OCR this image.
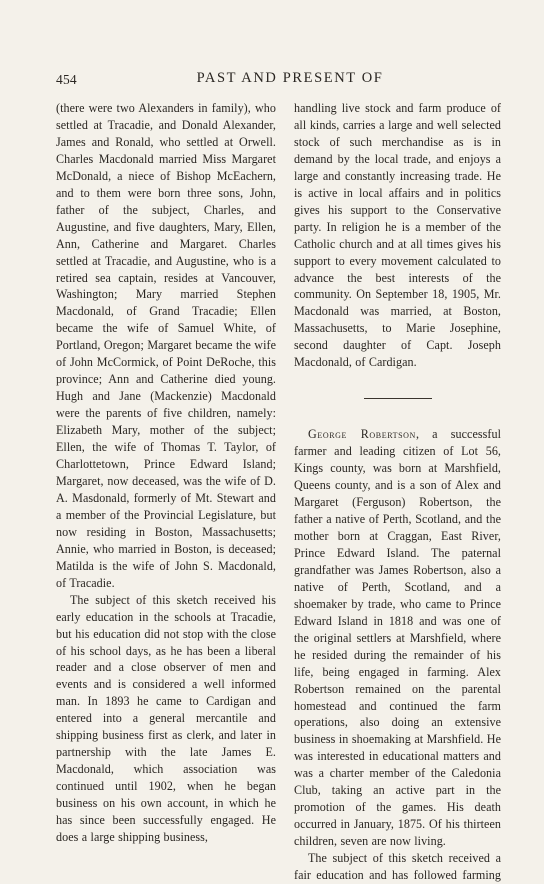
454	PAST AND PRESENT OF

(there were two Alexanders in family), who settled at Tracadie, and Donald Alexander, James and Ronald, who settled at Orwell. Charles Macdonald married Miss Margaret McDonald, a niece of Bishop McEachern, and to them were born three sons, John, father of the subject, Charles, and Augustine, and five daughters, Mary, Ellen, Ann, Catherine and Margaret. Charles settled at Tracadie, and Augustine, who is a retired sea captain, resides at Vancouver, Washington; Mary married Stephen Macdonald, of Grand Tracadie; Ellen became the wife of Samuel White, of Portland, Oregon; Margaret became the wife of John McCormick, of Point DeRoche, this province; Ann and Catherine died young. Hugh and Jane (Mackenzie) Macdonald were the parents of five children, namely: Elizabeth Mary, mother of the subject; Ellen, the wife of Thomas T. Taylor, of Charlottetown, Prince Edward Island; Margaret, now deceased, was the wife of D. A. Masdonald, formerly of Mt. Stewart and a member of the Provincial Legislature, but now residing in Boston, Massachusetts; Annie, who married in Boston, is deceased; Matilda is the wife of John S. Macdonald, of Tracadie.

The subject of this sketch received his early education in the schools at Tracadie, but his education did not stop with the close of his school days, as he has been a liberal reader and a close observer of men and events and is considered a well informed man. In 1893 he came to Cardigan and entered into a general mercantile and shipping business first as clerk, and later in partnership with the late James E. Macdonald, which association was continued until 1902, when he began business on his own account, in which he has since been successfully engaged. He does a large shipping business,

handling live stock and farm produce of all kinds, carries a large and well selected stock of such merchandise as is in demand by the local trade, and enjoys a large and constantly increasing trade. He is active in local affairs and in politics gives his support to the Conservative party. In religion he is a member of the Catholic church and at all times gives his support to every movement calculated to advance the best interests of the community. On September 18, 1905, Mr. Macdonald was married, at Boston, Massachusetts, to Marie Josephine, second daughter of Capt. Joseph Macdonald, of Cardigan.

George Robertson, a successful farmer and leading citizen of Lot 56, Kings county, was born at Marshfield, Queens county, and is a son of Alex and Margaret (Ferguson) Robertson, the father a native of Perth, Scotland, and the mother born at Craggan, East River, Prince Edward Island. The paternal grandfather was James Robertson, also a native of Perth, Scotland, and a shoemaker by trade, who came to Prince Edward Island in 1818 and was one of the original settlers at Marshfield, where he resided during the remainder of his life, being engaged in farming. Alex Robertson remained on the parental homestead and continued the farm operations, also doing an extensive business in shoemaking at Marshfield. He was interested in educational matters and was a charter member of the Caledonia Club, taking an active part in the promotion of the games. His death occurred in January, 1875. Of his thirteen children, seven are now living.

The subject of this sketch received a fair education and has followed farming
